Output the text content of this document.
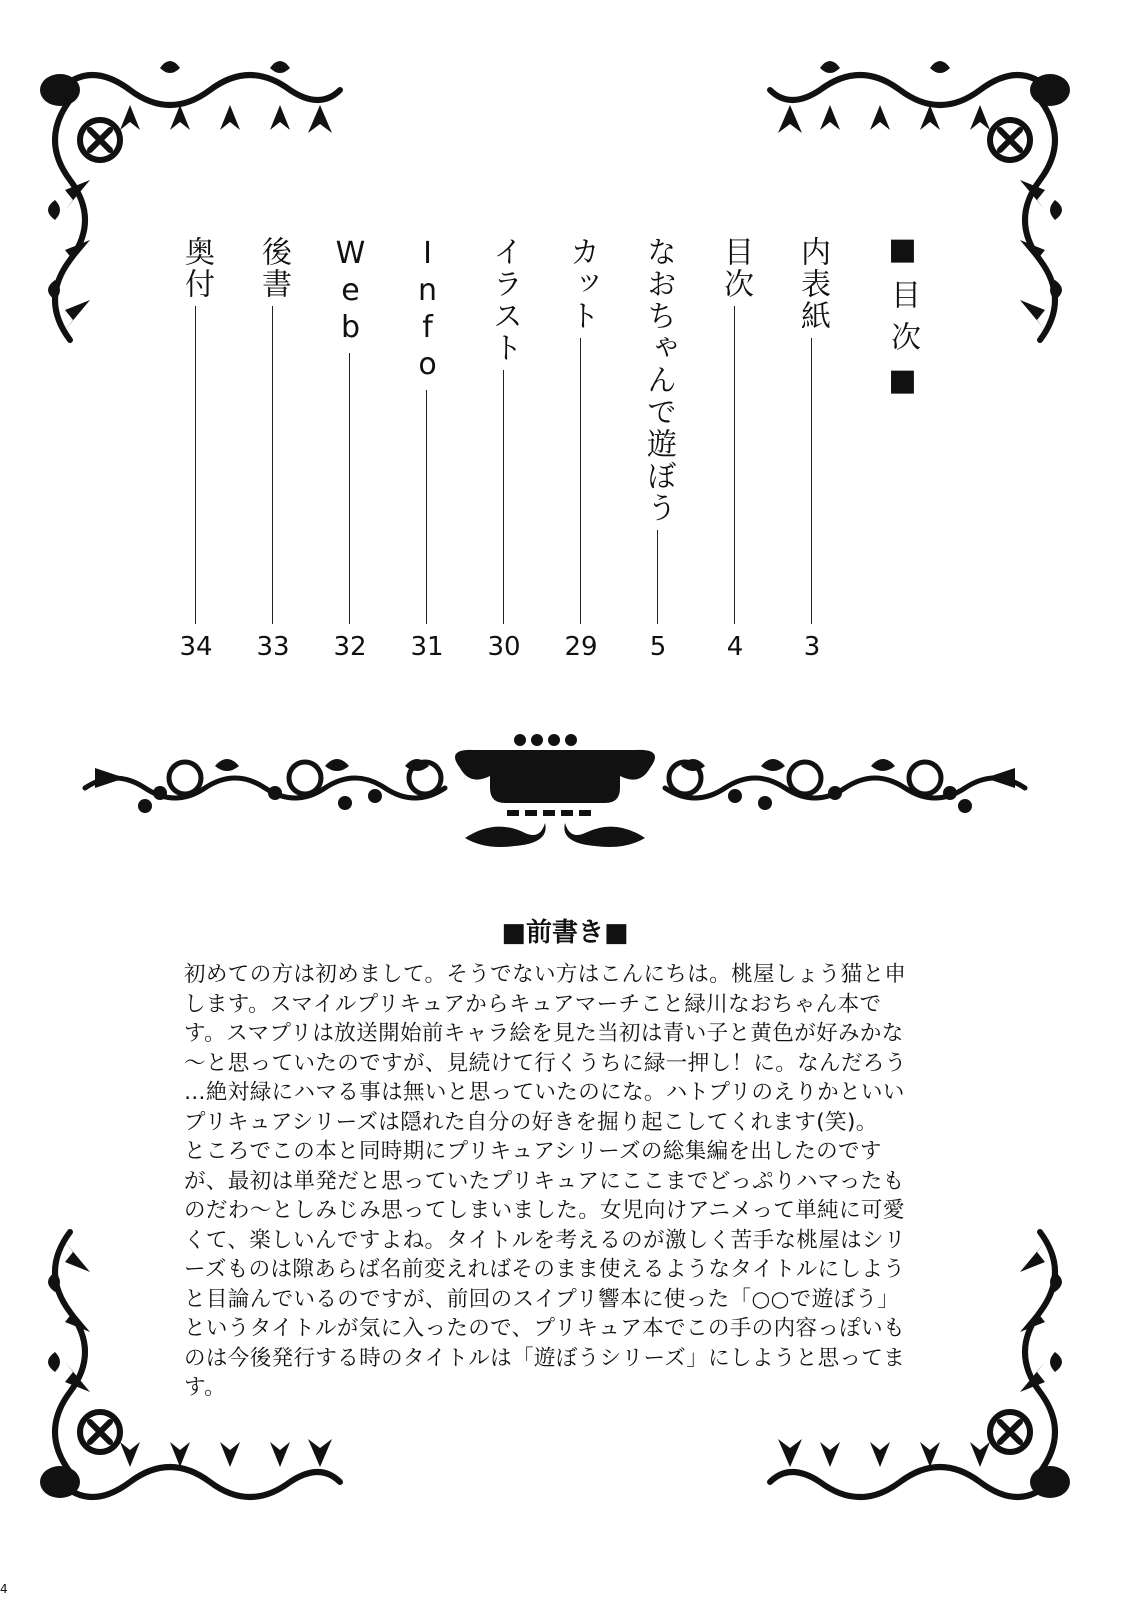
■目次■
内表紙
3
目次
4
なおちゃんで遊ぼう
5
カット
29
イラスト
30
Info
31
Web
32
後書
33
奥付
34
■前書き■

初めての方は初めまして。そうでない方はこんにちは。桃屋しょう猫と申

します。スマイルプリキュアからキュアマーチこと緑川なおちゃん本で

す。スマプリは放送開始前キャラ絵を見た当初は青い子と黄色が好みかな

～と思っていたのですが、見続けて行くうちに緑一押し！に。なんだろう

…絶対緑にハマる事は無いと思っていたのにな。ハトプリのえりかといい

プリキュアシリーズは隠れた自分の好きを掘り起こしてくれます(笑)。

ところでこの本と同時期にプリキュアシリーズの総集編を出したのです

が、最初は単発だと思っていたプリキュアにここまでどっぷりハマったも

のだわ～としみじみ思ってしまいました。女児向けアニメって単純に可愛

くて、楽しいんですよね。タイトルを考えるのが激しく苦手な桃屋はシリ

ーズものは隙あらば名前変えればそのまま使えるようなタイトルにしよう

と目論んでいるのですが、前回のスイプリ響本に使った「○○で遊ぼう」

というタイトルが気に入ったので、プリキュア本でこの手の内容っぽいも

のは今後発行する時のタイトルは「遊ぼうシリーズ」にしようと思ってま

す。

4
